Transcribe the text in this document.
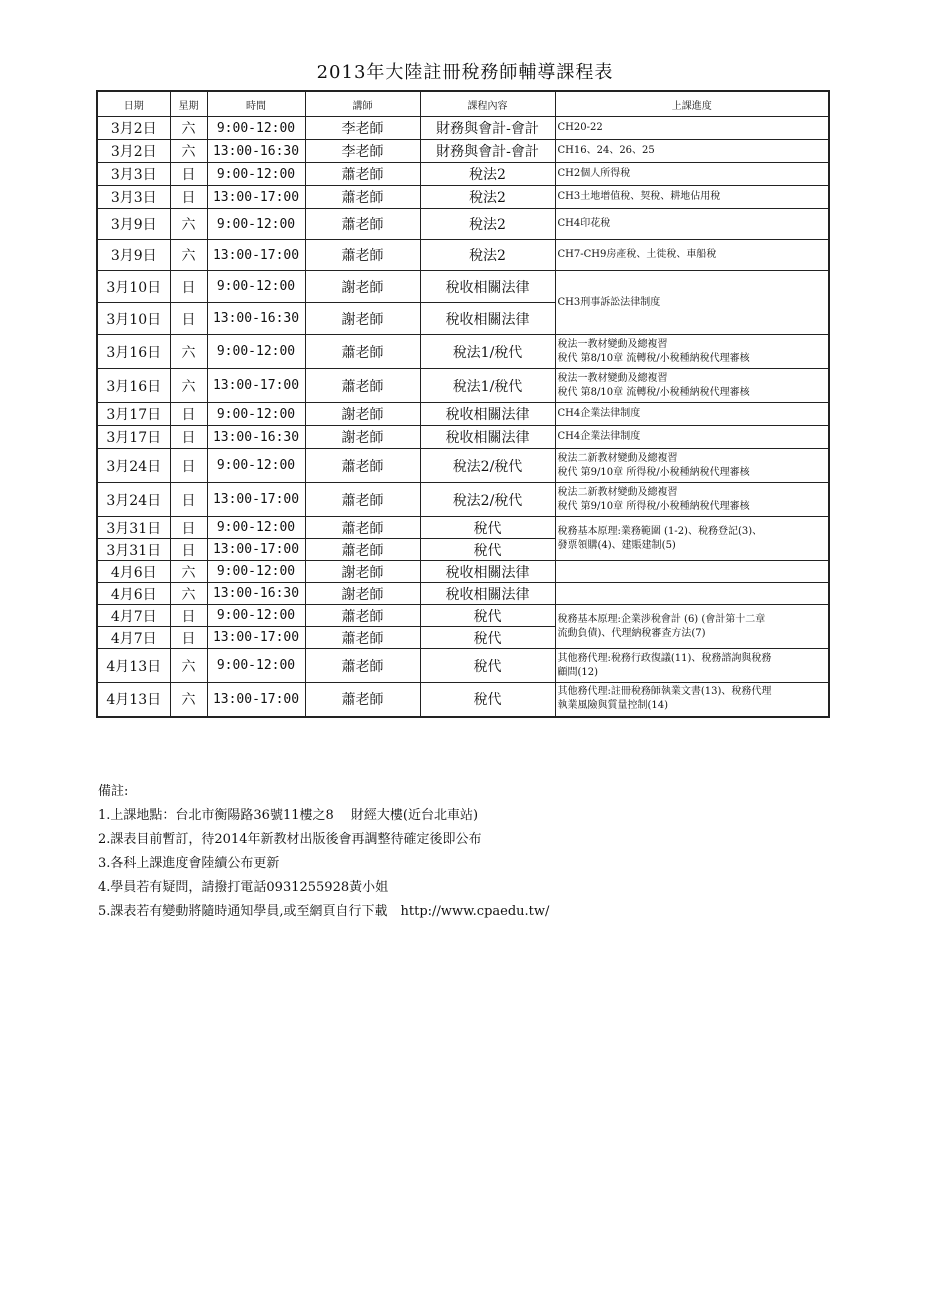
2013年大陸註冊稅務師輔導課程表
日期	星期	時間	講師	課程內容	上課進度
3月2日	六	9:00-12:00	李老師	財務與會計-會計	CH20-22

3月2日	六	13:00-16:30	李老師	財務與會計-會計	CH16、24、26、25

3月3日	日	9:00-12:00	蕭老師	稅法2	CH2個人所得稅

3月3日	日	13:00-17:00	蕭老師	稅法2	CH3土地增值稅、契稅、耕地佔用稅

3月9日	六	9:00-12:00	蕭老師	稅法2	CH4印花稅

3月9日	六	13:00-17:00	蕭老師	稅法2	CH7-CH9房產稅、土徙稅、車船稅

3月10日	日	9:00-12:00	謝老師	稅收相關法律	CH3刑事訴訟法律制度

3月10日	日	13:00-16:30	謝老師	稅收相關法律	
3月16日	六	9:00-12:00	蕭老師	稅法1/稅代	稅法一教材變動及總複習
稅代 第8/10章 流轉稅/小稅種納稅代理審核

3月16日	六	13:00-17:00	蕭老師	稅法1/稅代	稅法一教材變動及總複習
稅代 第8/10章 流轉稅/小稅種納稅代理審核

3月17日	日	9:00-12:00	謝老師	稅收相關法律	CH4企業法律制度

3月17日	日	13:00-16:30	謝老師	稅收相關法律	CH4企業法律制度

3月24日	日	9:00-12:00	蕭老師	稅法2/稅代	稅法二新教材變動及總複習
稅代 第9/10章 所得稅/小稅種納稅代理審核

3月24日	日	13:00-17:00	蕭老師	稅法2/稅代	稅法二新教材變動及總複習
稅代 第9/10章 所得稅/小稅種納稅代理審核

3月31日	日	9:00-12:00	蕭老師	稅代	稅務基本原理:業務範圍 (1-2)、稅務登記(3)、
發票領購(4)、建賬建制(5)

3月31日	日	13:00-17:00	蕭老師	稅代	
4月6日	六	9:00-12:00	謝老師	稅收相關法律	
4月6日	六	13:00-16:30	謝老師	稅收相關法律	
4月7日	日	9:00-12:00	蕭老師	稅代	稅務基本原理:企業涉稅會計 (6) (會計第十二章
流動負債)、代理納稅審查方法(7)

4月7日	日	13:00-17:00	蕭老師	稅代	
4月13日	六	9:00-12:00	蕭老師	稅代	其他務代理:稅務行政復議(11)、稅務諮詢與稅務
顧問(12)

4月13日	六	13:00-17:00	蕭老師	稅代	其他務代理:註冊稅務師執業文書(13)、稅務代理
執業風險與質量控制(14)
備註:
1.上課地點：台北市衡陽路36號11樓之8　 財經大樓(近台北車站)
2.課表目前暫訂，待2014年新教材出版後會再調整待確定後即公布
3.各科上課進度會陸續公布更新
4.學員若有疑問，請撥打電話0931255928黃小姐
5.課表若有變動將隨時通知學員,或至網頁自行下載　http://www.cpaedu.tw/
